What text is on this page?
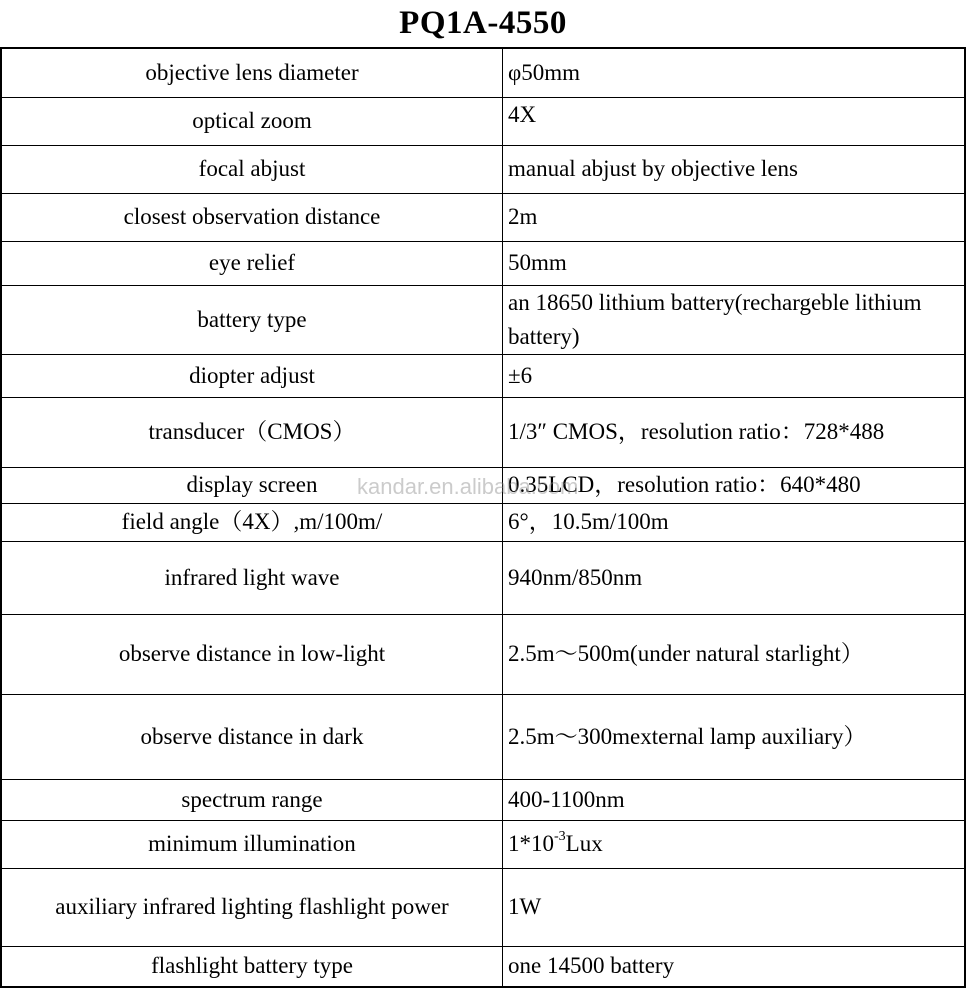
PQ1A-4550
objective lens diameter	φ50mm
optical zoom	4X
focal abjust	manual abjust by objective lens
closest observation distance	2m
eye relief	50mm
battery type	an 18650 lithium battery(rechargeble lithium battery)
diopter adjust	±6
transducer（CMOS）	1/3″ CMOS，resolution ratio：728*488
display screen	0.35LCD，resolution ratio：640*480
field angle（4X）,m/100m/	6°，10.5m/100m
infrared light wave	940nm/850nm
observe distance in low-light	2.5m～500m(under natural starlight）
observe distance in dark	2.5m～300mexternal lamp auxiliary）
spectrum range	400-1100nm
minimum illumination	$1*10^{-3}Lux$
auxiliary infrared lighting flashlight power	1W
flashlight battery type	one 14500 battery
kandar.en.alibaba.com
